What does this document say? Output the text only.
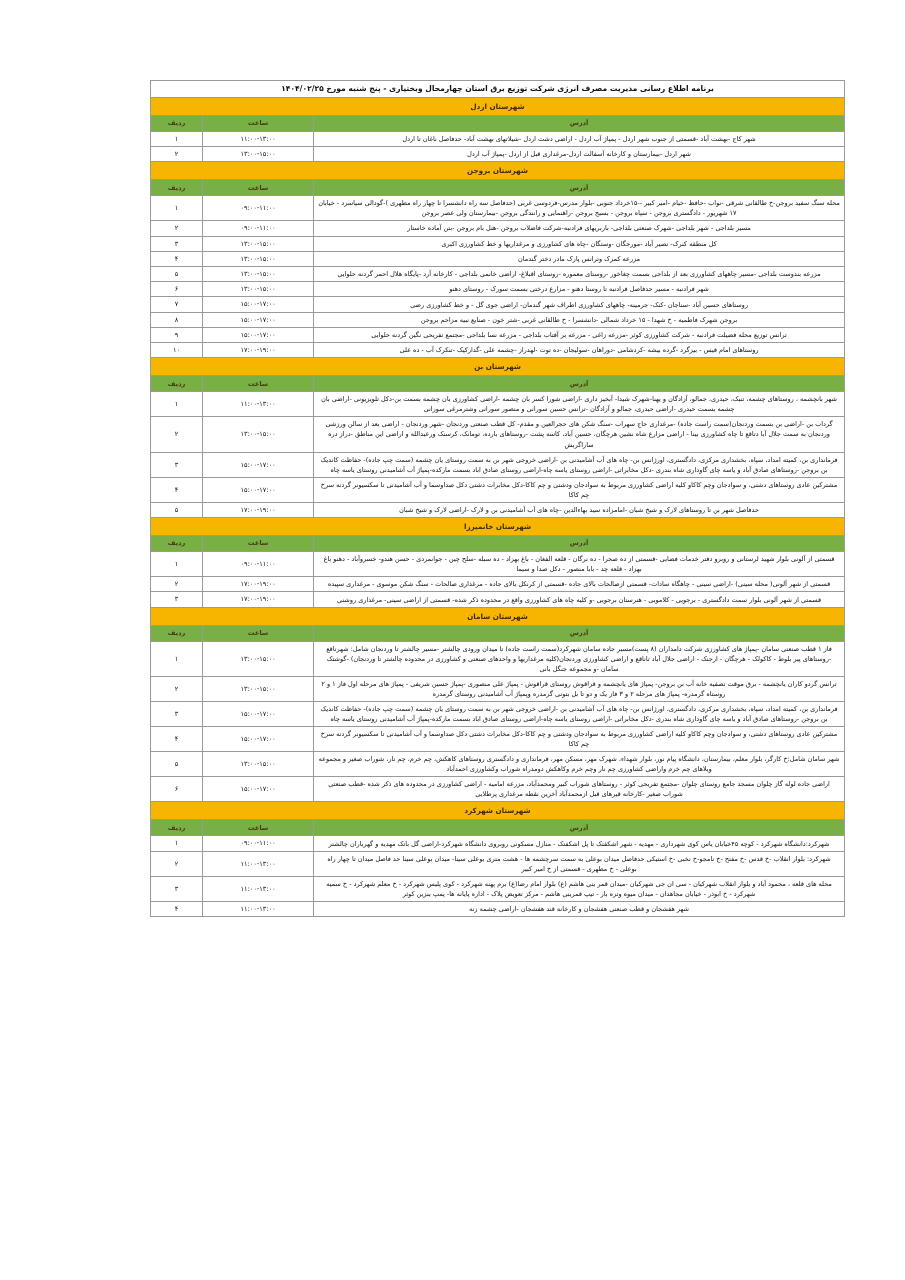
برنامه اطلاع رسانی مدیریت مصرف انرژی شرکت توزیع برق استان چهارمحال وبختیاری - پنج شنبه مورخ ۱۴۰۴/۰۲/۲۵		
شهرستان اردل		
آدرس	ساعت	ردیف
شهر کاج -بهشت آباد -قسمتی از جنوب شهر اردل - پمپاژ آب اردل - اراضی دشت اردل -شیلاتهای بهشت آباد- حدفاصل ناغان تا اردل	۱۱:۰۰-۱۳:۰۰	۱
شهر اردل -بیمارستان و کارخانه آسفالت اردل-مرغداری قبل از اردل -پمپاژ آب اردل	۱۳:۰۰-۱۵:۰۰	۲
شهرستان بروجن		
آدرس	ساعت	ردیف
محله سنگ سفید بروجن-خ طالقانی شرقی -نواب -حافظ -خیام -امیر کبیر --۱۵خرداد جنوبی -بلوار مدرس-فردوسی غربی (حدفاصل سه راه دانشسرا تا چهار راه مطهری )-گودالی سیاسرد - خیابان ۱۷ شهریور - دادگستری بروجن - سپاه بروجن - بسیج بروجن -راهنمایی و رانندگی بروجن -بیمارستان ولی عصر بروجن	۰۹:۰۰-۱۱:۰۰	۱
مسیر بلداجی - شهر بلداجی -شهرک صنعتی بلداجی- باربریهای فرادنبه-شرکت فاضلاب بروجن -هتل بام بروجن -بتن آماده خاستار	۰۹:۰۰-۱۱:۰۰	۲
کل منطقه کنرک- نصیر آباد -مورجگان -وستگان -چاه های کشاورزی و مرغداریها و خط کشاورزی اکبری	۱۳:۰۰-۱۵:۰۰	۳
مزرعه کمرک وترانس پارک مادر دختر گندمان	۱۳:۰۰-۱۵:۰۰	۴
مزرعه بندوست بلداجی -مسیر چاههای کشاورزی بعد از بلداجی بسمت چغاخور -روستای معموره -روستای اقبلاغ- اراضی خانمی بلداجی - کارخانه آرد -پایگاه هلال احمر گردنه حلوایی	۱۳:۰۰-۱۵:۰۰	۵
شهر فرادنبه - مسیر حدفاصل فرادنبه تا روستا دهنو - مزارع درختی بسمت سورک - روستای دهنو	۱۳:۰۰-۱۵:۰۰	۶
روستاهای حسین آباد -سناجان -کنک- جرمینه- چاههای کشاورزی اطراف شهر گندمان- اراضی جوی گل - و خط کشاورزی رضی	۱۵:۰۰-۱۷:۰۰	۷
بروجن شهرک فاطمیه - خ شهدا - ۱۵ خرداد شمالی -دانشسرا - خ طالقانی غربی -شتر خون - صنایع نبیه مزاحم بروجن	۱۵:۰۰-۱۷:۰۰	۸
ترانس توزیع محله فضیلت فرادنبه - شرکت کشاورزی کوثر -مزرعه زاغی - مزرعه بر آفتاب بلداجی - مزرعه نسا بلداجی -مجتمع تفریحی نگین گردنه حلوایی	۱۵:۰۰-۱۷:۰۰	۹
روستاهای امام قیس - بیزگرد -گرده بیشه -کردشامی -دوراهان -سولیجان -ده توت -لهدراز -چشمه علی -گدارکیک -تنکرک آب - ده علی	۱۷:۰۰-۱۹:۰۰	۱۰
شهرستان بن		
آدرس	ساعت	ردیف
شهر بانچشمه ، روستاهای چشمه، تنبک، حیدری، جمالو، آزادگان و یهنا-شهرک شیدا- آبخیز داری -اراضی شورا کسر بان چشمه -اراضی کشاورزی بان چشمه بسمت بن-دکل تلویزیونی -اراضی بان چشمه بسمت حیدری -اراضی حیدری، جمالو و آزادگان -ترانس حسین سورانی و منصور سورانی وشترمرغی سورانی	۱۱:۰۰-۱۳:۰۰	۱
گرداب بن -اراضی بن بسمت وردنجان(سمت راست جاده) -مرغداری حاج سهراب -سنگ شکن های حجرالعین و مقدم- کل قطب صنعتی وردنجان -شهر وردنجان - اراضی بعد از سالن ورزشی وردنجان به سمت جلال آبا دتاقع تا چاه کشاورزی بینا - اراضی مزارع شاه نشین هرچگان، حسین آباد، کاسه پشت -روستاهای بارده، تومانک، کرسنک ورعبدالله و اراضی این مناطق -دراز دره ساراگربش	۱۳:۰۰-۱۵:۰۰	۲
فرمانداری بن، کمیته امداد، سپاه، بخشداری مرکزی، دادگستری، اورژانس بن- چاه های آب آشامیدنی بن -اراضی خروجی شهر بن به سمت روستای یان چشمه (سمت چپ جاده)- حفاظت کاندیک بن بروجن -روستاهای صادق آباد و یاسه چای گاوداری شاه بندری -دکل مخابراتی -اراضی روستای یاسه چاه-اراضی روستای صادق اباد بسمت مارکده-پمپاژ آب آشامیدنی روستای یاسه چاه	۱۵:۰۰-۱۷:۰۰	۳
مشترکین عادی روستاهای دشتی، و سوادجان وچم کاکاو کلیه اراضی کشاورزی مربوط به سوادجان ودشتی و چم کاکا-دکل مخابرات دشتی دکل صداوسما و آب آشامیدنی تا سکسیونر گردنه سرخ چم کاکا	۱۵:۰۰-۱۷:۰۰	۴
حدفاصل شهر بن تا روستاهای لارک و شیخ شبان -امامزاده سید بهاءالدین -چاه های آب آشامیدنی بن و لارک -اراضی لارک و شیخ شبان	۱۷:۰۰-۱۹:۰۰	۵
شهرستان خانمیرزا		
آدرس	ساعت	ردیف
قسمتی از آلونی بلوار شهید لرستانی و روبرو دفتر خدمات فضایی -قسمتی از ده صحرا - ده نرگان - قلعه الفغان - باغ بهزاد - ده سبله -سلح چین - جوانمردی - حسن هندو- خسروآباد - دهنو باغ بهزاد - قلعه چد - بابا منصور - دکل صدا و سیما	۰۹:۰۰-۱۱:۰۰	۱
قسمتی از شهر آلونی( محله سینی) -اراضی سینی - چاهگاه سادات- قسمتی ازصالحات بالای جاده -قسمتی از کرنکل بالای جاده - مرغداری صالحات - سنگ شکن موسوی - مرغداری سپیده	۱۷:۰۰-۱۹:۰۰	۲
قسمتی از شهر آلونی بلوار سمت دادگستری - برجویی - کلاموبی - هنرستان برجویی -و کلیه چاه های کشاورزی واقع در محدوده ذکر شده- قسمتی از اراضی سینی- مرغداری روشنی	۱۷:۰۰-۱۹:۰۰	۳
شهرستان سامان		
آدرس	ساعت	ردیف
فاز ۱ قطب صنعتی سامان -پمپاژ های کشاورزی شرکت دامداران (۸ پست)مسیر جاده سامان شهرکرد(سمت راست جاده) تا میدان ورودی چالشتر -مسیر چالشتر تا وردنجان شامل: شهرناقع -روستاهای پیر بلوط - کاکولک - هرچگان - ارجنک - اراضی جلال آباد تاناقع و اراضی کشاورزی وردنجان(کلیه مرغداریها و واحدهای صنعتی و کشاورزی در محدوده چالشتر تا وردنجان) -گوشتک سامان -و مجموعه جنگل بانی	۱۳:۰۰-۱۵:۰۰	۱
ترانس گردو کاران یانچشمه - برق موقت تصفیه خانه آب بن بروجن- پمپاژ های یانچشمه و قراقوش روستای قراقوش - پمپاژ علی منصوری -پمپاژ حسین شریفی - پمپاژ های مرحله اول فاز ۱ و ۲ روستاه گرمدره- پمپاژ های مرحله ۲ و ۳ فاز یک و دو تا بل بتونی گرمدره وپمپاژ آب آشامیدنی روستای گرمدره	۱۳:۰۰-۱۵:۰۰	۲
فرمانداری بن، کمیته امداد، سپاه، بخشداری مرکزی، دادگستری، اورژانس بن- چاه های آب آشامیدنی بن -اراضی خروجی شهر بن به سمت روستای یان چشمه (سمت چپ جاده)- حفاظت کاندیک بن بروجن -روستاهای صادق آباد و یاسه چای گاوداری شاه بندری -دکل مخابراتی -اراضی روستای یاسه چاه-اراضی روستای صادق اباد بسمت مارکده-پمپاژ آب آشامیدنی روستای یاسه چاه	۱۵:۰۰-۱۷:۰۰	۳
مشترکین عادی روستاهای دشتی، و سوادجان وچم کاکاو کلیه اراضی کشاورزی مربوط به سوادجان ودشتی و چم کاکا-دکل مخابرات دشتی دکل صداوسما و آب آشامیدنی تا سکسیونر گردنه سرخ چم کاکا	۱۵:۰۰-۱۷:۰۰	۴
شهر سامان شامل:خ کارگر، بلوار معلم، بیمارستان، دانشگاه پیام نور، بلوار شهداء، شهرک مهر، مسکن مهر، فرمانداری و دادگستری روستاهای کاهکش، چم خرم، چم نار، شوراب صغیر و مجموعه ویلاهای چم خرم واراضی کشاورزی چم نار وچم خرم وکاهکش دومدراه شوراب وکشاورزی احمدآباد	۱۳:۰۰-۱۵:۰۰	۵
اراضی جاده لوله گاز چلوان مسجد جامع روستای چلوان -مجتمع تفریحی کوثر - روستاهای شوراب کبیر ومحمدآباد، مزرعه امامیه - اراضی کشاورزی در محدوده های ذکر شده -قطب صنعتی شوراب صغیر -کارخانه قیرهای قبل ازمحمدآباد آخرین نقطه مرغداری پرطلایی	۱۵:۰۰-۱۷:۰۰	۶
شهرستان شهرکرد		
آدرس	ساعت	ردیف
شهرکرد:دانشگاه شهرکرد - کوچه ۴۵خیابان یاس کوی شهرداری - مهدیه - شهر اشکفتک تا پل اشکفتک - منازل مسکونی روبروی دانشگاه شهرکرد-اراضی گل باتک مهدیه و گهرباران چالشتر	۰۹:۰۰-۱۱:۰۰	۱
شهرکرد: بلوار انقلاب -خ قدس -خ مفتح -خ نامجو-خ نخبی -خ استیکی حدفاصل میدان بوعلی به سمت سرچشمه ها - هشت متری بوعلی سینا- میدان بوعلی سینا حد فاصل میدان تا چهار راه بوعلی - خ مطهری - قسمتی از خ امیر کبیر	۱۱:۰۰-۱۳:۰۰	۲
محله های قلعه ، محمود آباد و بلوار انقلاب شهرکیان - سی ان جی شهرکیان -میدان قمر بنی هاشم (ع) بلوار امام رضا(ع) برم پهنه شهرکرد - کوی پلیس شهرکرد - خ معلم شهرکرد - خ سمیه شهرکرد - خ ابوذر - خیابان مجاهدان - میدان میوه وتره بار - تیپ قمربنی هاشم - مرکز تعویض پلاک - اداره پایانه ها- پمپ بنزین کوثر	۱۱:۰۰-۱۳:۰۰	۳
شهر هفشجان و قطب صنعتی هفشجان و کارخانه قند هفشجان -اراضی چشمه زنه	۱۱:۰۰-۱۳:۰۰	۴
